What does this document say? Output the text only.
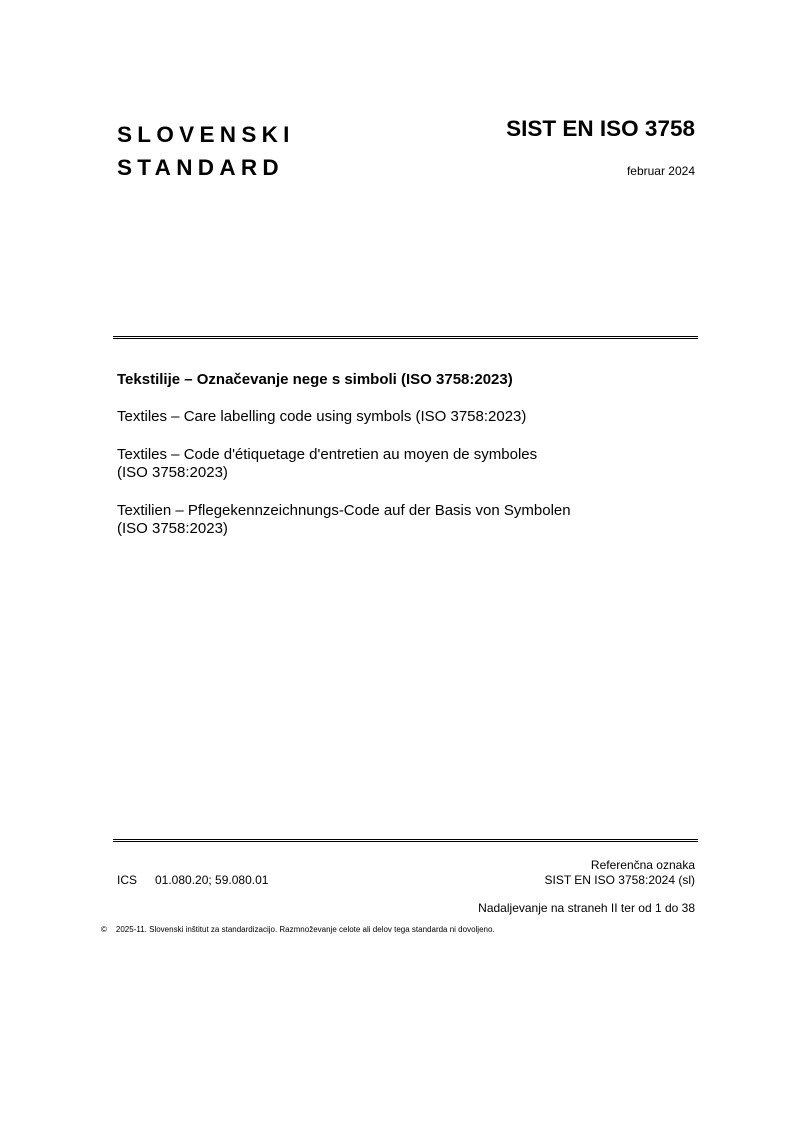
SLOVENSKI
STANDARD
SIST EN ISO 3758
februar 2024
Tekstilije – Označevanje nege s simboli (ISO 3758:2023)
Textiles – Care labelling code using symbols (ISO 3758:2023)
Textiles – Code d'étiquetage d'entretien au moyen de symboles
(ISO 3758:2023)
Textilien – Pflegekennzeichnungs-Code auf der Basis von Symbolen
(ISO 3758:2023)
ICS 01.080.20; 59.080.01
Referenčna oznaka
SIST EN ISO 3758:2024 (sl)
Nadaljevanje na straneh II ter od 1 do 38
© 2025-11. Slovenski inštitut za standardizacijo. Razmnoževanje celote ali delov tega standarda ni dovoljeno.
